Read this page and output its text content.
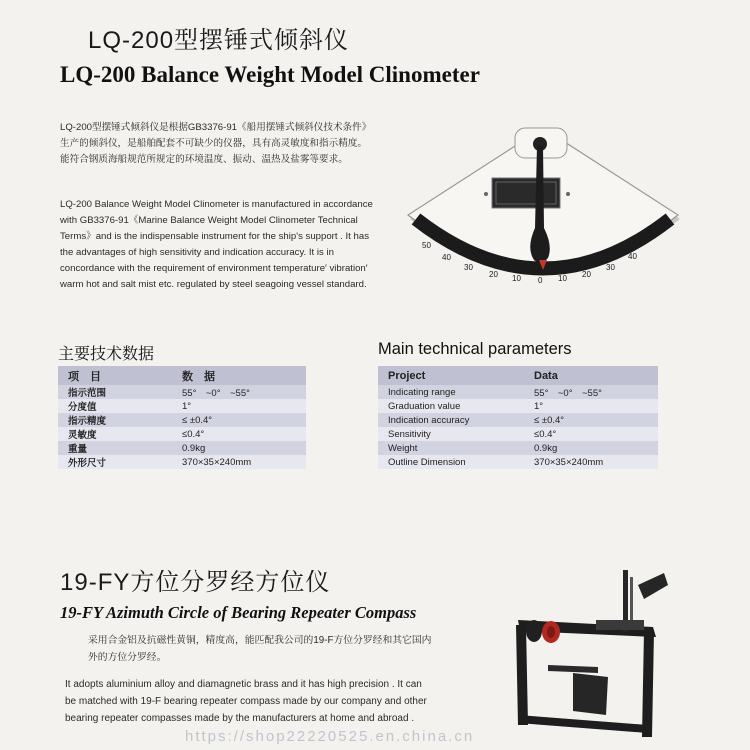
LQ-200型摆锤式倾斜仪
LQ-200 Balance Weight Model Clinometer
LQ-200型摆锤式倾斜仪是根据GB3376-91《船用摆锤式倾斜仪技术条件》生产的倾斜仪，是船舶配套不可缺少的仪器，具有高灵敏度和指示精度。能符合钢质海船规范所规定的环境温度、振动、温热及盐雾等要求。
LQ-200 Balance Weight Model Clinometer is manufactured in accordance with GB3376-91《Marine Balance Weight Model Clinometer Technical Terms》and is the indispensable instrument for the ship's support . It has the advantages of high sensitivity and indication accuracy. It is in concordance with the requirement of environment temperature′ vibration′ warm hot and salt mist etc. regulated by steel seagoing vessel standard.
50
40
30
20 10 0 10 20
30
40
50
主要技术数据	Main technical parameters
项　目	数　据
指示范围	55°　~0°　~55°
分度值	1°
指示精度	≤ ±0.4°
灵敏度	≤0.4°
重量	0.9kg
外形尺寸	370×35×240mm
Project	Data
Indicating range	55°　~0°　~55°
Graduation value	1°
Indication accuracy	≤ ±0.4°
Sensitivity	≤0.4°
Weight	0.9kg
Outline Dimension	370×35×240mm
19-FY方位分罗经方位仪
19-FY Azimuth Circle of Bearing Repeater Compass
采用合金铝及抗磁性黄铜，精度高，能匹配我公司的19-F方位分罗经和其它国内外的方位分罗经。
It adopts aluminium alloy and diamagnetic brass and it has high precision . It can be matched with 19-F bearing repeater compass made by our company and other bearing repeater compasses made by the manufacturers at home and abroad .
https://shop2222052​5.en.china.cn
